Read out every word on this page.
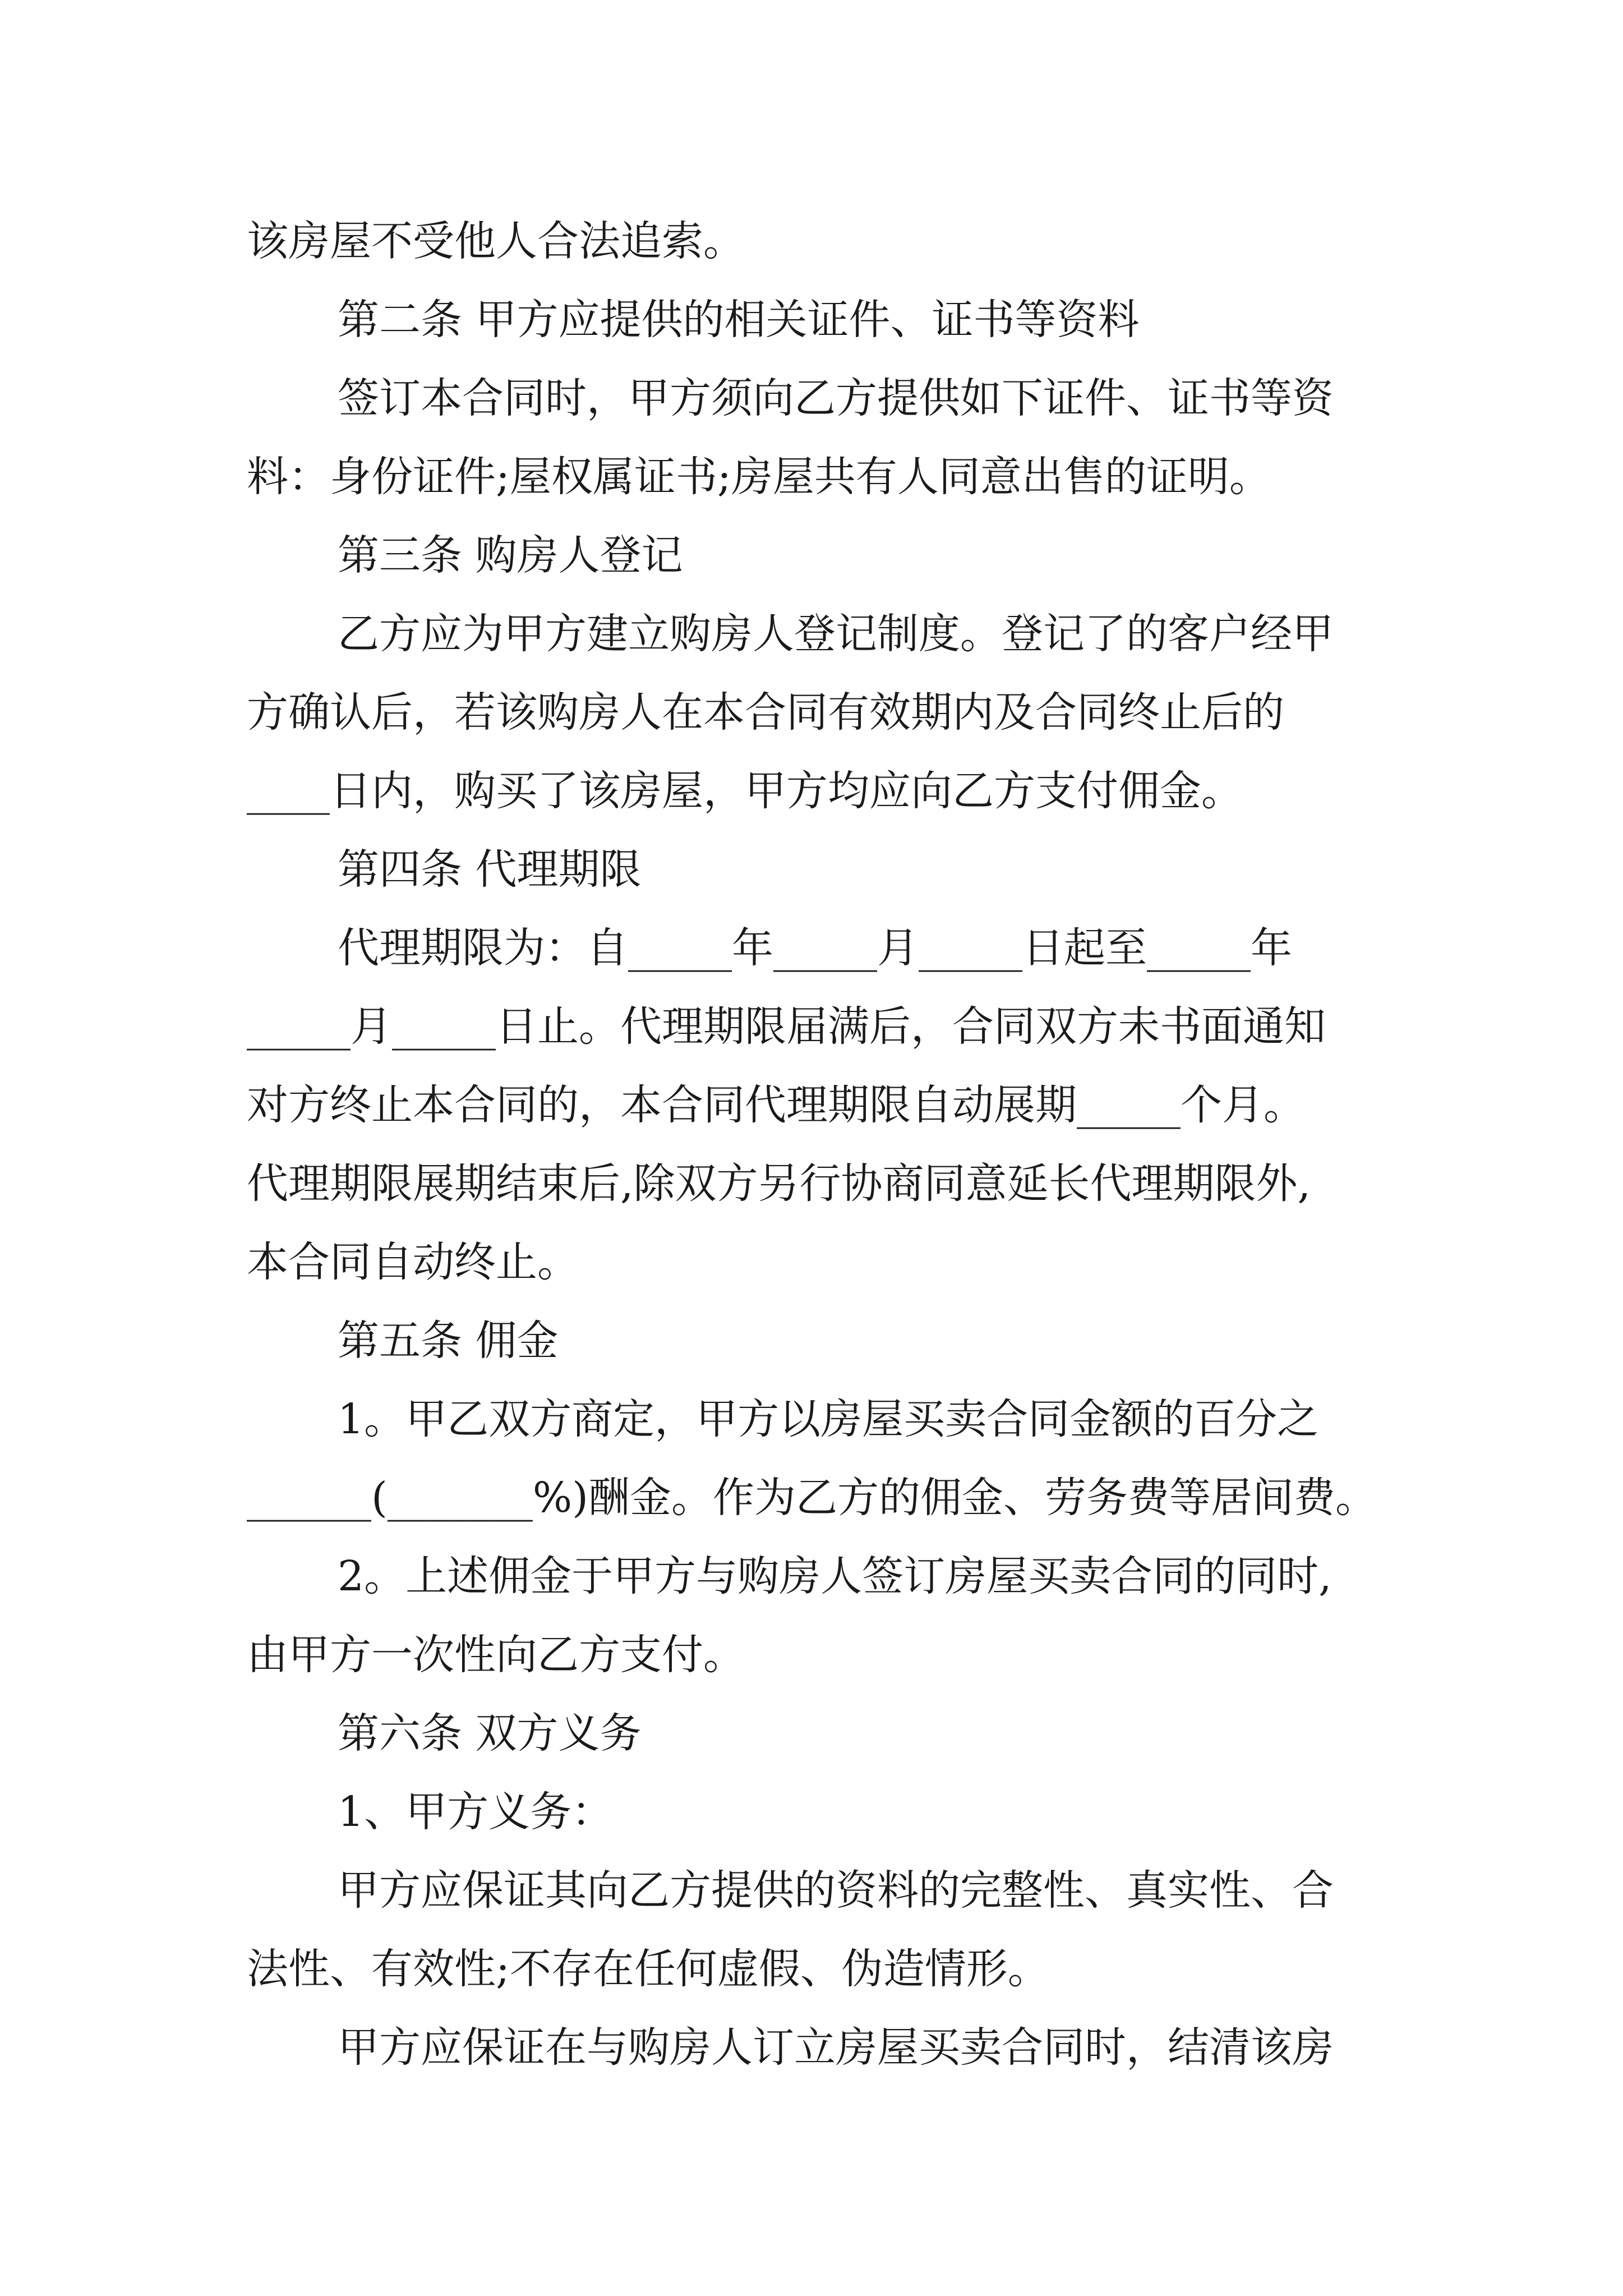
该房屋不受他人合法追索。
第二条 甲方应提供的相关证件、证书等资料
签订本合同时，甲方须向乙方提供如下证件、证书等资
料：身份证件;屋权属证书;房屋共有人同意出售的证明。
第三条 购房人登记
乙方应为甲方建立购房人登记制度。登记了的客户经甲
方确认后，若该购房人在本合同有效期内及合同终止后的
____日内，购买了该房屋，甲方均应向乙方支付佣金。
第四条 代理期限
代理期限为：自_____年_____月_____日起至_____年
_____月_____日止。代理期限届满后，合同双方未书面通知
对方终止本合同的，本合同代理期限自动展期_____个月。
代理期限展期结束后,除双方另行协商同意延长代理期限外,
本合同自动终止。
第五条 佣金
1。甲乙双方商定，甲方以房屋买卖合同金额的百分之
______(_______%)酬金。作为乙方的佣金、劳务费等居间费。
2。上述佣金于甲方与购房人签订房屋买卖合同的同时,
由甲方一次性向乙方支付。
第六条 双方义务
1、甲方义务：
甲方应保证其向乙方提供的资料的完整性、真实性、合
法性、有效性;不存在任何虚假、伪造情形。
甲方应保证在与购房人订立房屋买卖合同时，结清该房
